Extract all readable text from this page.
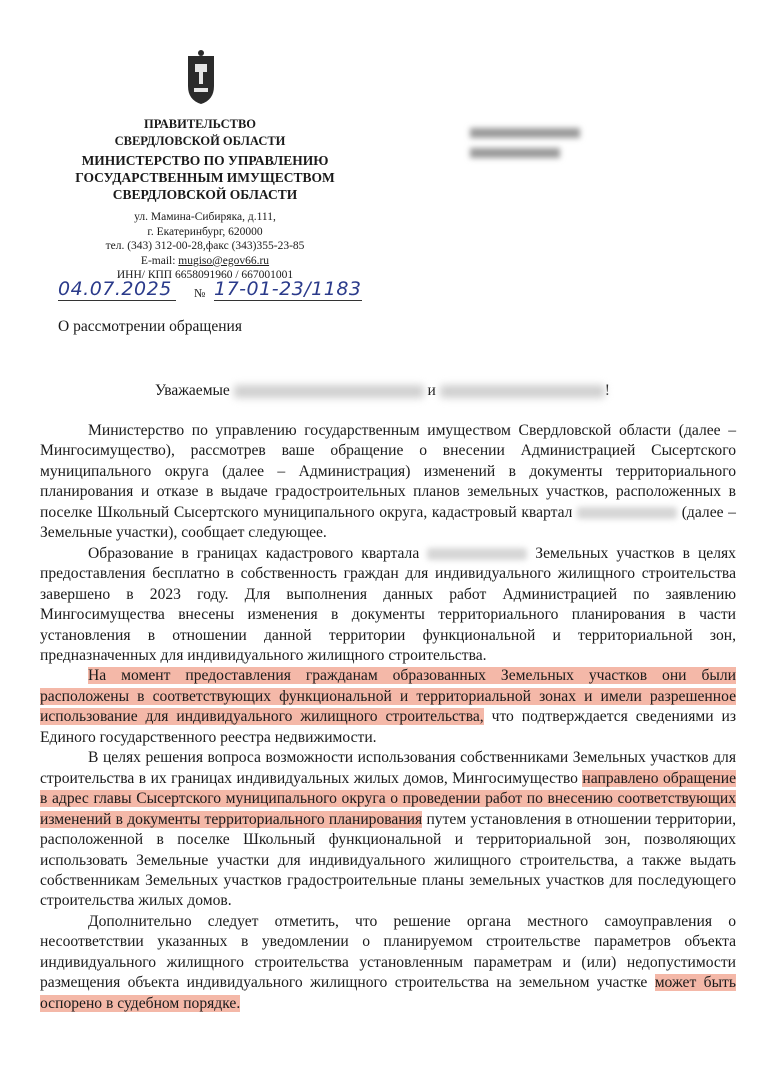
ПРАВИТЕЛЬСТВО
СВЕРДЛОВСКОЙ ОБЛАСТИ
МИНИСТЕРСТВО ПО УПРАВЛЕНИЮ
ГОСУДАРСТВЕННЫМ ИМУЩЕСТВОМ
СВЕРДЛОВСКОЙ ОБЛАСТИ
ул. Мамина-Сибиряка, д.111,
г. Екатеринбург, 620000
тел. (343) 312-00-28,факс (343)355-23-85
E-mail: mugiso@egov66.ru
ИНН/ КПП 6658091960 / 667001001
04.07.2025	№ 17-01-23/1183
О рассмотрении обращения
Уважаемые	и	!

Министерство по управлению государственным имуществом Свердловской области (далее – Мингосимущество), рассмотрев ваше обращение о внесении Администрацией Сысертского муниципального округа (далее – Администрация) изменений в документы территориального планирования и отказе в выдаче градостроительных планов земельных участков, расположенных в поселке Школьный Сысертского муниципального округа, кадастровый квартал	(далее – Земельные участки), сообщает следующее.

Образование в границах кадастрового квартала	Земельных участков в целях предоставления бесплатно в собственность граждан для индивидуального жилищного строительства завершено в 2023 году. Для выполнения данных работ Администрацией по заявлению Мингосимущества внесены изменения в документы территориального планирования в части установления в отношении данной территории функциональной и территориальной зон, предназначенных для индивидуального жилищного строительства.

На момент предоставления гражданам образованных Земельных участков они были расположены в соответствующих функциональной и территориальной зонах и имели разрешенное использование для индивидуального жилищного строительства, что подтверждается сведениями из Единого государственного реестра недвижимости.

В целях решения вопроса возможности использования собственниками Земельных участков для строительства в их границах индивидуальных жилых домов, Мингосимущество направлено обращение в адрес главы Сысертского муниципального округа о проведении работ по внесению соответствующих изменений в документы территориального планирования путем установления в отношении территории, расположенной в поселке Школьный функциональной и территориальной зон, позволяющих использовать Земельные участки для индивидуального жилищного строительства, а также выдать собственникам Земельных участков градостроительные планы земельных участков для последующего строительства жилых домов.

Дополнительно следует отметить, что решение органа местного самоуправления о несоответствии указанных в уведомлении о планируемом строительстве параметров объекта индивидуального жилищного строительства установленным параметрам и (или) недопустимости размещения объекта индивидуального жилищного строительства на земельном участке может быть оспорено в судебном порядке.
